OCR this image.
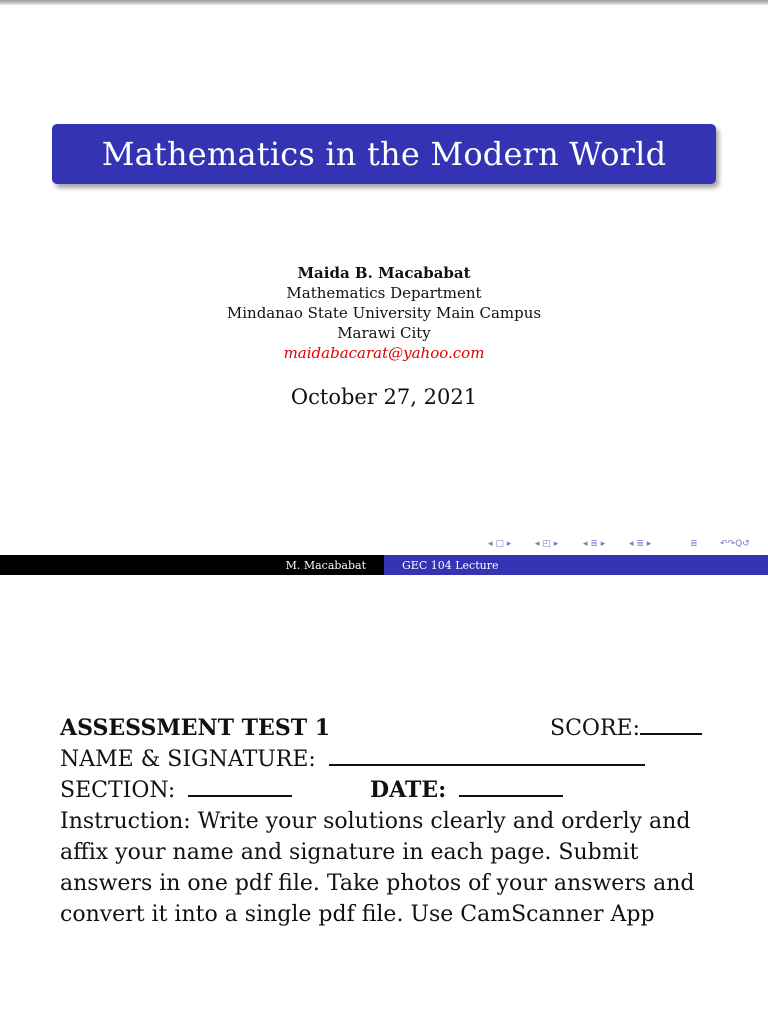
Mathematics in the Modern World
Maida B. Macababat
Mathematics Department
Mindanao State University Main Campus
Marawi City
maidabacarat@yahoo.com
October 27, 2021
◂ ▢ ▸	◂ ◰ ▸	◂ ≣ ▸	◂ ≣ ▸	≣ ↶↷Q↺
M. Macababat	GEC 104 Lecture
ASSESSMENT TEST 1	SCORE:
NAME & SIGNATURE:
SECTION:	DATE:
Instruction: Write your solutions clearly and orderly and
affix your name and signature in each page. Submit
answers in one pdf file. Take photos of your answers and
convert it into a single pdf file. Use CamScanner App
